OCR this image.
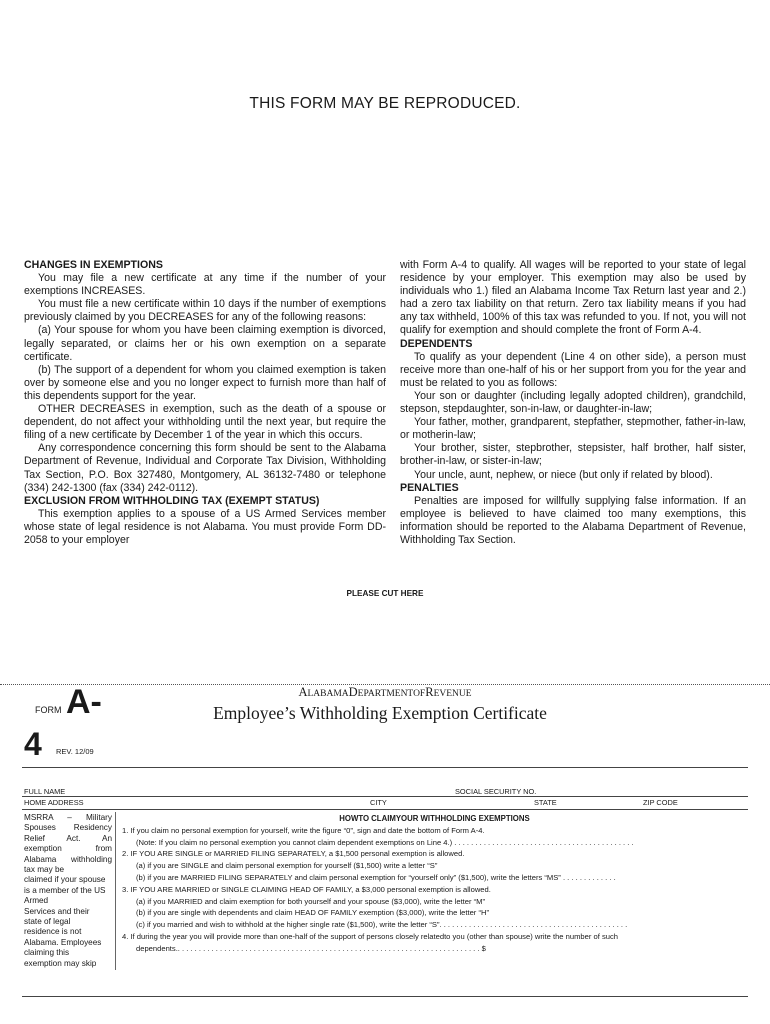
THIS FORM MAY BE REPRODUCED.
CHANGES IN EXEMPTIONS

You may file a new certificate at any time if the number of your exemptions INCREASES.

You must file a new certificate within 10 days if the number of exemptions previously claimed by you DECREASES for any of the following reasons:

(a) Your spouse for whom you have been claiming exemption is divorced, legally separated, or claims her or his own exemption on a separate certificate.

(b) The support of a dependent for whom you claimed exemption is taken over by someone else and you no longer expect to furnish more than half of this dependents support for the year.

OTHER DECREASES in exemption, such as the death of a spouse or dependent, do not affect your withholding until the next year, but require the filing of a new certificate by December 1 of the year in which this occurs.

Any correspondence concerning this form should be sent to the Alabama Department of Revenue, Individual and Corporate Tax Division, Withholding Tax Section, P.O. Box 327480, Montgomery, AL 36132-7480 or telephone (334) 242-1300 (fax (334) 242-0112).

EXCLUSION FROM WITHHOLDING TAX (EXEMPT STATUS)

This exemption applies to a spouse of a US Armed Services member whose state of legal residence is not Alabama. You must provide Form DD-2058 to your employer

with Form A-4 to qualify. All wages will be reported to your state of legal residence by your employer. This exemption may also be used by individuals who 1.) filed an Alabama Income Tax Return last year and 2.) had a zero tax liability on that return. Zero tax liability means if you had any tax withheld, 100% of this tax was refunded to you. If not, you will not qualify for exemption and should complete the front of Form A-4.

DEPENDENTS

To qualify as your dependent (Line 4 on other side), a person must receive more than one-half of his or her support from you for the year and must be related to you as follows:

Your son or daughter (including legally adopted children), grandchild, stepson, stepdaughter, son-in-law, or daughter-in-law;

Your father, mother, grandparent, stepfather, stepmother, father-in-law, or motherin-law;

Your brother, sister, stepbrother, stepsister, half brother, half sister, brother-in-law, or sister-in-law;

Your uncle, aunt, nephew, or niece (but only if related by blood).

PENALTIES

Penalties are imposed for willfully supplying false information. If an employee is believed to have claimed too many exemptions, this information should be reported to the Alabama Department of Revenue, Withholding Tax Section.

PLEASE CUT HERE
FORM A-
4 REV. 12/09
ALABAMADEPARTMENTOFREVENUE
Employee’s Withholding Exemption Certificate
FULL NAME	SOCIAL SECURITY NO.
HOME ADDRESS	CITY	STATE	ZIP CODE
MSRRA – Military
Spouses Residency
Relief Act. An
exemption from
Alabama withholding
tax may be
claimed if your spouse
is a member of the US
Armed
Services and their
state of legal
residence is not
Alabama. Employees
claiming this
exemption may skip
HOWTO CLAIMYOUR WITHHOLDING EXEMPTIONS
1. If you claim no personal exemption for yourself, write the figure “0”, sign and date the bottom of Form A-4.
(Note: If you claim no personal exemption you cannot claim dependent exemptions on Line 4.) . . . . . . . . . . . . . . . . . . . . . . . . . . . . . . . . . . . . . . . . . . .
2. IF YOU ARE SINGLE or MARRIED FILING SEPARATELY, a $1,500 personal exemption is allowed.
(a) if you are SINGLE and claim personal exemption for yourself ($1,500) write a letter “S”
(b) if you are MARRIED FILING SEPARATELY and claim personal exemption for “yourself only” ($1,500), write the letters “MS” . . . . . . . . . . . . .
3. IF YOU ARE MARRIED or SINGLE CLAIMING HEAD OF FAMILY, a $3,000 personal exemption is allowed.
(a) if you MARRIED and claim exemption for both yourself and your spouse ($3,000), write the letter “M”
(b) if you are single with dependents and claim HEAD OF FAMILY exemption ($3,000), write the letter “H”
(c) if you married and wish to withhold at the higher single rate ($1,500), write the letter “S”. . . . . . . . . . . . . . . . . . . . . . . . . . . . . . . . . . . . . . . . . . . . .
4. If during the year you will provide more than one-half of the support of persons closely relatedto you (other than spouse) write the number of such
dependents.. . . . . . . . . . . . . . . . . . . . . . . . . . . . . . . . . . . . . . . . . . . . . . . . . . . . . . . . . . . . . . . . . . . . . . . . $
